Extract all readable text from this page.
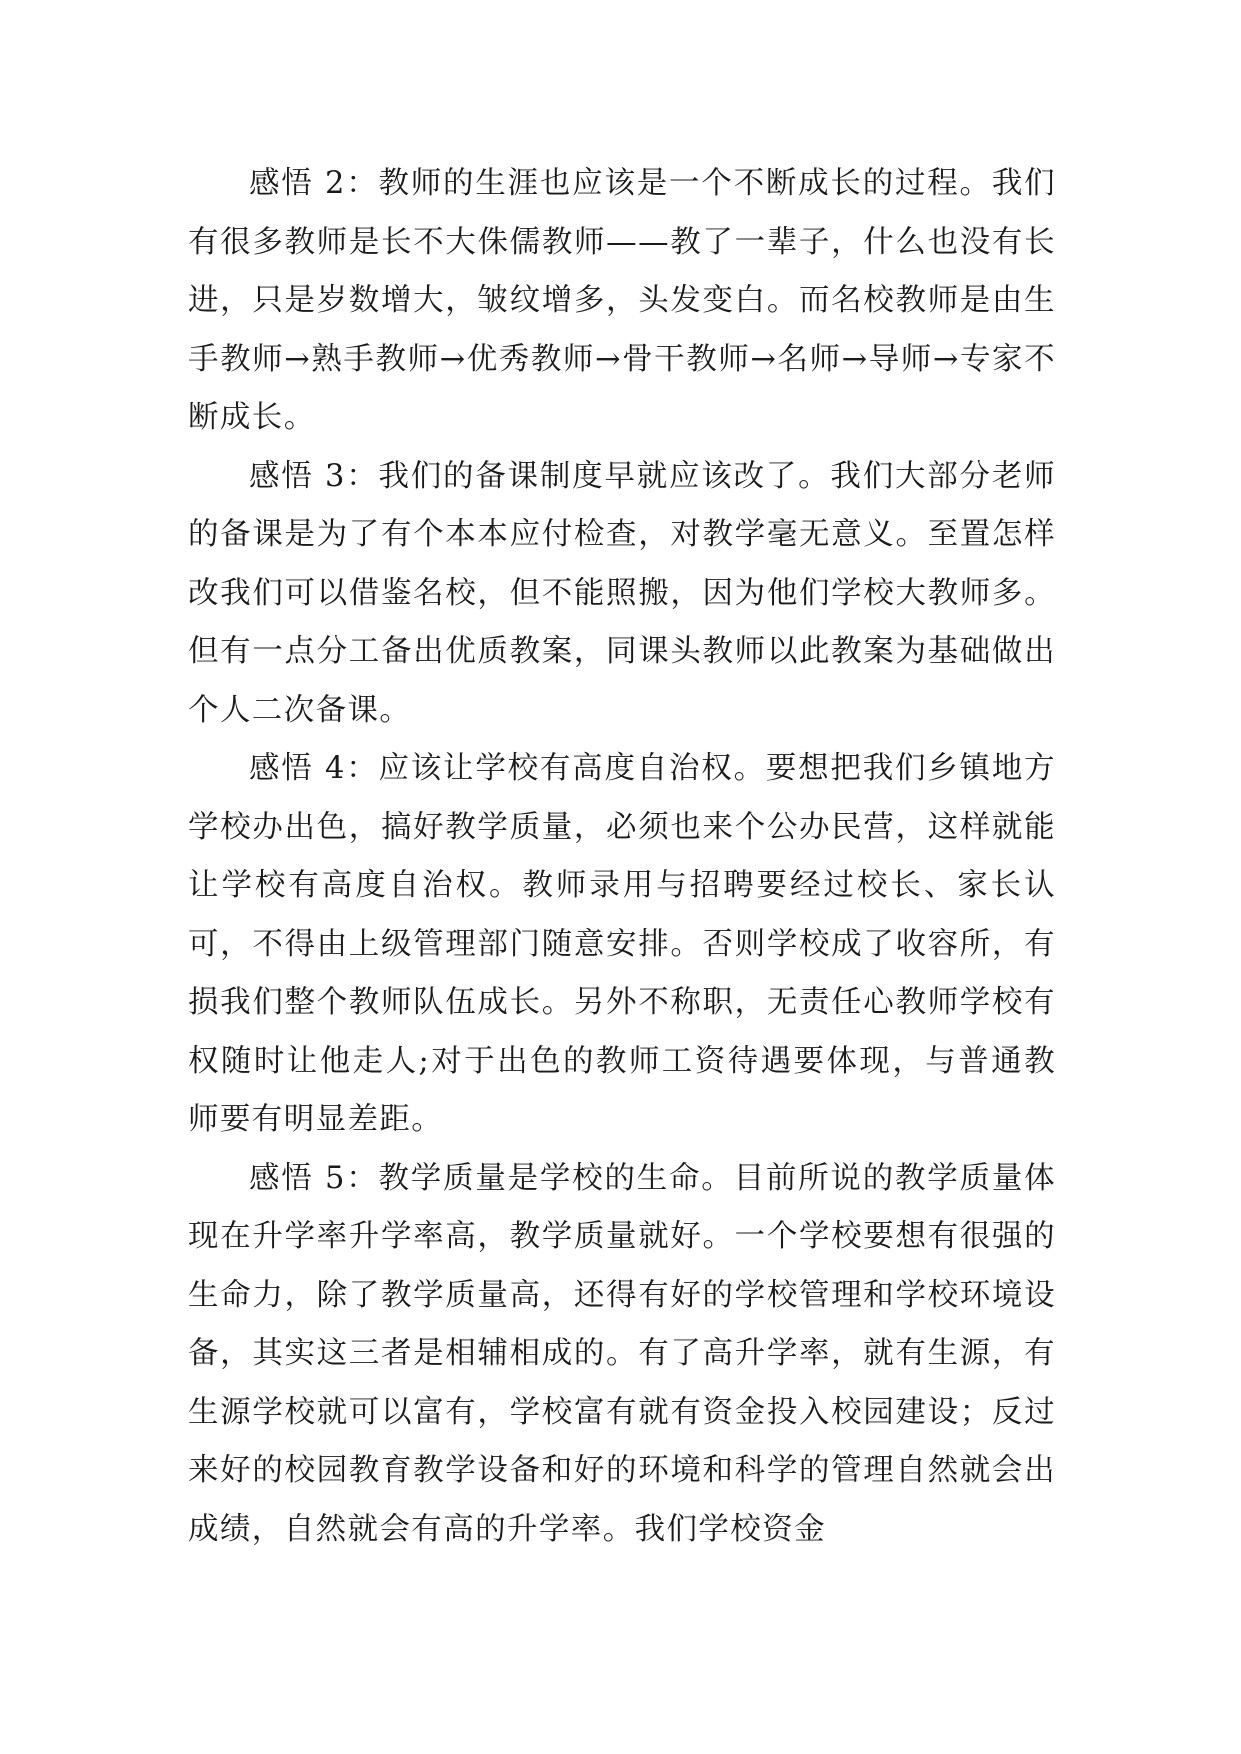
感悟 2：教师的生涯也应该是一个不断成长的过程。我们有很多教师是长不大侏儒教师——教了一辈子，什么也没有长进，只是岁数增大，皱纹增多，头发变白。而名校教师是由生手教师→熟手教师→优秀教师→骨干教师→名师→导师→专家不断成长。

感悟 3：我们的备课制度早就应该改了。我们大部分老师的备课是为了有个本本应付检查，对教学毫无意义。至置怎样改我们可以借鉴名校，但不能照搬，因为他们学校大教师多。但有一点分工备出优质教案，同课头教师以此教案为基础做出个人二次备课。

感悟 4：应该让学校有高度自治权。要想把我们乡镇地方学校办出色，搞好教学质量，必须也来个公办民营，这样就能让学校有高度自治权。教师录用与招聘要经过校长、家长认可，不得由上级管理部门随意安排。否则学校成了收容所，有损我们整个教师队伍成长。另外不称职，无责任心教师学校有权随时让他走人;对于出色的教师工资待遇要体现，与普通教师要有明显差距。

感悟 5：教学质量是学校的生命。目前所说的教学质量体现在升学率升学率高，教学质量就好。一个学校要想有很强的生命力，除了教学质量高，还得有好的学校管理和学校环境设备，其实这三者是相辅相成的。有了高升学率，就有生源，有生源学校就可以富有，学校富有就有资金投入校园建设；反过来好的校园教育教学设备和好的环境和科学的管理自然就会出成绩，自然就会有高的升学率。我们学校资金
